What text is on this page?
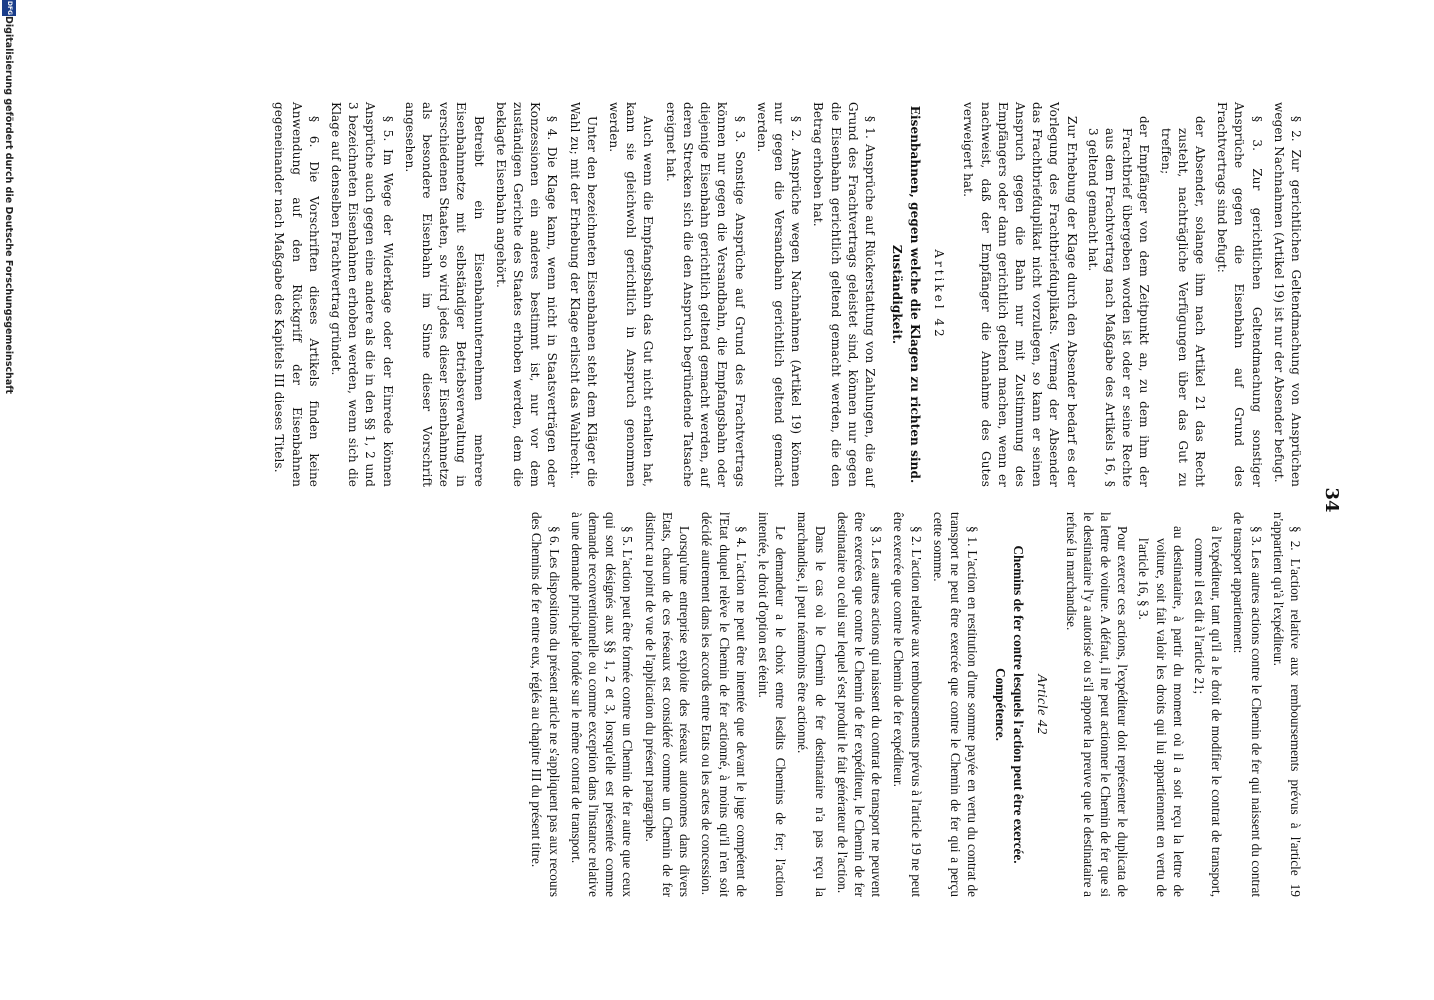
34

§ 2. Zur gerichtlichen Geltendmachung von Ansprüchen wegen Nachnahmen (Artikel 19) ist nur der Absender befugt.

§ 3. Zur gerichtlichen Geltendmachung sonstiger Ansprüche gegen die Eisenbahn auf Grund des Frachtvertrags sind befugt:

der Absender, solange ihm nach Artikel 21 das Recht zusteht, nachträgliche Verfügungen über das Gut zu treffen;
der Empfänger von dem Zeitpunkt an, zu dem ihm der Frachtbrief übergeben worden ist oder er seine Rechte aus dem Frachtvertrag nach Maßgabe des Artikels 16, § 3 geltend gemacht hat.

Zur Erhebung der Klage durch den Absender bedarf es der Vorlegung des Frachtbriefduplikats. Vermag der Absender das Frachtbriefduplikat nicht vorzulegen, so kann er seinen Anspruch gegen die Bahn nur mit Zustimmung des Empfängers oder dann gerichtlich geltend machen, wenn er nachweist, daß der Empfänger die Annahme des Gutes verweigert hat.

Artikel 42
Eisenbahnen, gegen welche die Klagen zu richten sind. Zuständigkeit.

§ 1. Ansprüche auf Rückerstattung von Zahlungen, die auf Grund des Frachtvertrags geleistet sind, können nur gegen die Eisenbahn gerichtlich geltend gemacht werden, die den Betrag erhoben hat.

§ 2. Ansprüche wegen Nachnahmen (Artikel 19) können nur gegen die Versandbahn gerichtlich geltend gemacht werden.

§ 3. Sonstige Ansprüche auf Grund des Frachtvertrags können nur gegen die Versandbahn, die Empfangsbahn oder diejenige Eisenbahn gerichtlich geltend gemacht werden, auf deren Strecken sich die den Anspruch begründende Tatsache ereignet hat.

Auch wenn die Empfangsbahn das Gut nicht erhalten hat, kann sie gleichwohl gerichtlich in Anspruch genommen werden.

Unter den bezeichneten Eisenbahnen steht dem Kläger die Wahl zu; mit der Erhebung der Klage erlischt das Wahlrecht.

§ 4. Die Klage kann, wenn nicht in Staatsverträgen oder Konzessionen ein anderes bestimmt ist, nur vor dem zuständigen Gerichte des Staates erhoben werden, dem die beklagte Eisenbahn angehört.

Betreibt ein Eisenbahnunternehmen mehrere Eisenbahnnetze mit selbständiger Betriebsverwaltung in verschiedenen Staaten, so wird jedes dieser Eisenbahnnetze als besondere Eisenbahn im Sinne dieser Vorschrift angesehen.

§ 5. Im Wege der Widerklage oder der Einrede können Ansprüche auch gegen eine andere als die in den §§ 1, 2 und 3 bezeichneten Eisenbahnen erhoben werden, wenn sich die Klage auf denselben Frachtvertrag gründet.

§ 6. Die Vorschriften dieses Artikels finden keine Anwendung auf den Rückgriff der Eisenbahnen gegeneinander nach Maßgabe des Kapitels III dieses Titels.

§ 2. L'action relative aux remboursements prévus à l'article 19 n'appartient qu'à l'expéditeur.

§ 3. Les autres actions contre le Chemin de fer qui naissent du contrat de transport appartiennent:

à l'expéditeur, tant qu'il a le droit de modifier le contrat de transport, comme il est dit à l'article 21;
au destinataire, à partir du moment où il a soit reçu la lettre de voiture, soit fait valoir les droits qui lui appartiennent en vertu de l'article 16, § 3.

Pour exercer ces actions, l'expéditeur doit représenter le duplicata de la lettre de voiture. A défaut, il ne peut actionner le Chemin de fer que si le destinataire l'y a autorisé ou s'il apporte la preuve que le destinataire a refusé la marchandise.

Article 42
Chemins de fer contre lesquels l'action peut être exercée. Compétence.

§ 1. L'action en restitution d'une somme payée en vertu du contrat de transport ne peut être exercée que contre le Chemin de fer qui a perçu cette somme.

§ 2. L'action relative aux remboursements prévus à l'article 19 ne peut être exercée que contre le Chemin de fer expéditeur.

§ 3. Les autres actions qui naissent du contrat de transport ne peuvent être exercées que contre le Chemin de fer expéditeur, le Chemin de fer destinataire ou celui sur lequel s'est produit le fait générateur de l'action.

Dans le cas où le Chemin de fer destinataire n'a pas reçu la marchandise, il peut néanmoins être actionné.

Le demandeur a le choix entre lesdits Chemins de fer; l'action intentée, le droit d'option est éteint.

§ 4. L'action ne peut être intentée que devant le juge compétent de l'Etat duquel relève le Chemin de fer actionné, à moins qu'il n'en soit décidé autrement dans les accords entre Etats ou les actes de concession.

Lorsqu'une entreprise exploite des réseaux autonomes dans divers Etats, chacun de ces réseaux est considéré comme un Chemin de fer distinct au point de vue de l'application du présent paragraphe.

§ 5. L'action peut être formée contre un Chemin de fer autre que ceux qui sont désignés aux §§ 1, 2 et 3, lorsqu'elle est présentée comme demande reconventionnelle ou comme exception dans l'instance relative à une demande principale fondée sur le même contrat de transport.

§ 6. Les dispositions du présent article ne s'appliquent pas aux recours des Chemins de fer entre eux, réglés au chapitre III du présent titre.

Digitalisierung gefördert durch die Deutsche Forschungsgemeinschaft
DFG
